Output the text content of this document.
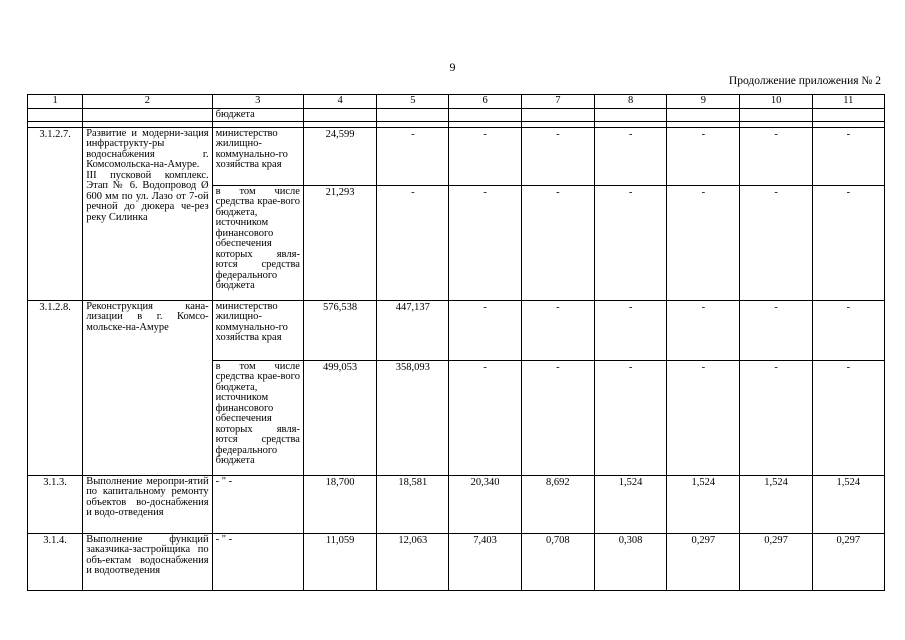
9
Продолжение приложения № 2
1	2	3	4	5	6	7	8	9	10	11
		бюджета								

3.1.2.7.	Развитие и модерни-зация инфраструкту-ры водоснабжения г. Комсомольска-на-Амуре. III пусковой комплекс. Этап № 6. Водопровод Ø 600 мм по ул. Лазо от 7-ой речной до дюкера че-рез реку Силинка	министерство жилищно-коммунально-го хозяйства края	24,599	-	-	-	-	-	-	-
		в том числе средства крае-вого бюджета, источником финансового обеспечения которых явля-ются средства федерального бюджета	21,293	-	-	-	-	-	-	-
3.1.2.8.	Реконструкция кана-лизации в г. Комсо-мольске-на-Амуре	министерство жилищно-коммунально-го хозяйства края	576,538	447,137	-	-	-	-	-	-
		в том числе средства крае-вого бюджета, источником финансового обеспечения которых явля-ются средства федерального бюджета	499,053	358,093	-	-	-	-	-	-
3.1.3.	Выполнение меропри-ятий по капитальному ремонту объектов во-доснабжения и водо-отведения	- " -	18,700	18,581	20,340	8,692	1,524	1,524	1,524	1,524
3.1.4.	Выполнение функций заказчика-застройщика по объ-ектам водоснабжения и водоотведения	- " -	11,059	12,063	7,403	0,708	0,308	0,297	0,297	0,297
